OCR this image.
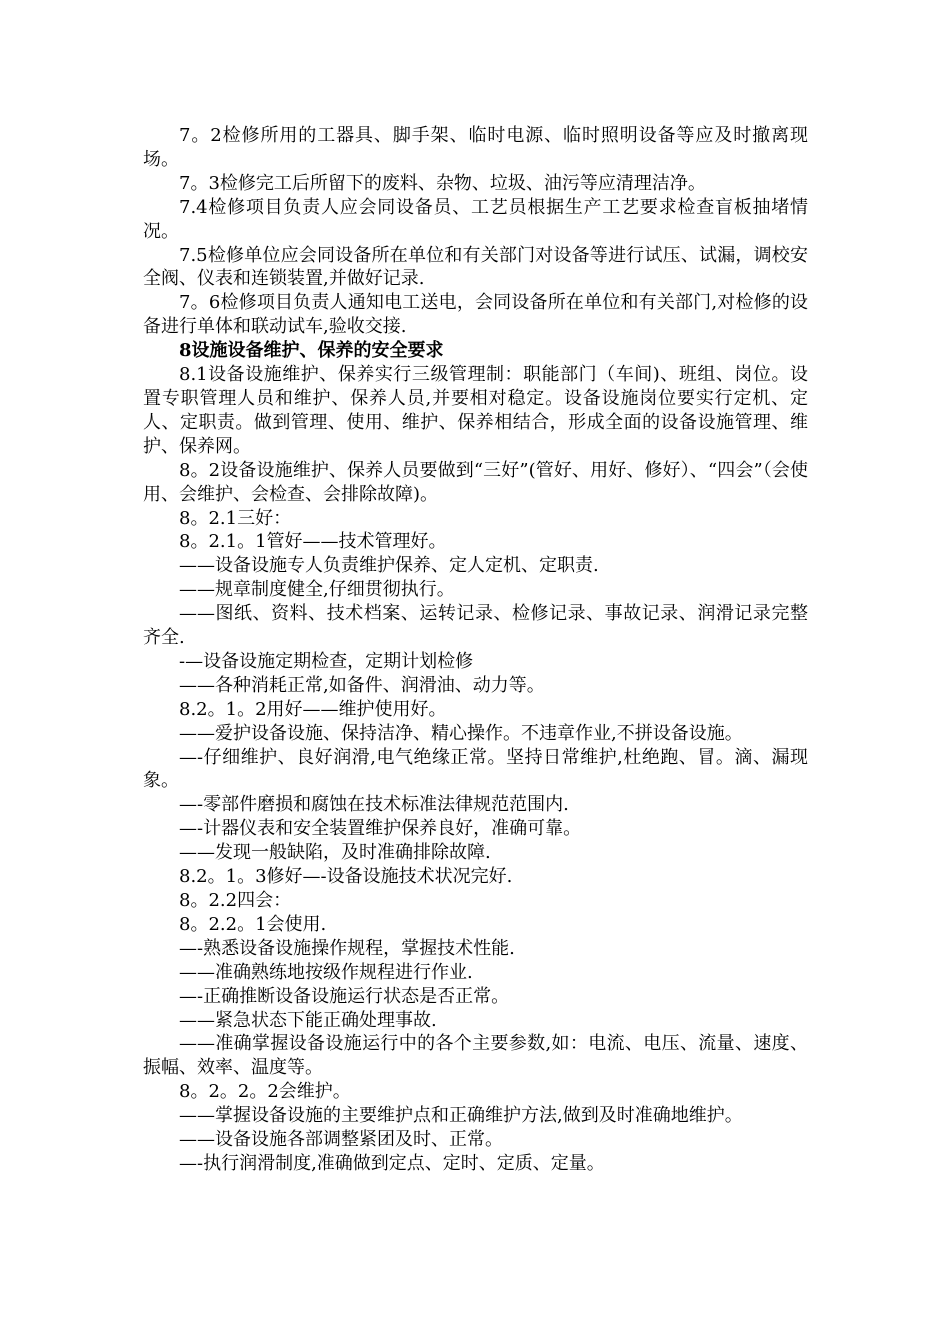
7。2检修所用的工器具、脚手架、临时电源、临时照明设备等应及时撤离现场。

7。3检修完工后所留下的废料、杂物、垃圾、油污等应清理洁净。

7.4检修项目负责人应会同设备员、工艺员根据生产工艺要求检查盲板抽堵情况。

7.5检修单位应会同设备所在单位和有关部门对设备等进行试压、试漏，调校安全阀、仪表和连锁装置,并做好记录.

7。6检修项目负责人通知电工送电，会同设备所在单位和有关部门,对检修的设备进行单体和联动试车,验收交接.

8设施设备维护、保养的安全要求

8.1设备设施维护、保养实行三级管理制：职能部门（车间)、班组、岗位。设置专职管理人员和维护、保养人员,并要相对稳定。设备设施岗位要实行定机、定人、定职责。做到管理、使用、维护、保养相结合，形成全面的设备设施管理、维护、保养网。

8。2设备设施维护、保养人员要做到“三好”(管好、用好、修好）、“四会”（会使用、会维护、会检查、会排除故障)。

8。2.1三好：

8。2.1。1管好——技术管理好。

——设备设施专人负责维护保养、定人定机、定职责.

——规章制度健全,仔细贯彻执行。

——图纸、资料、技术档案、运转记录、检修记录、事故记录、润滑记录完整齐全.

-—设备设施定期检查，定期计划检修

——各种消耗正常,如备件、润滑油、动力等。

8.2。1。2用好——维护使用好。

——爱护设备设施、保持洁净、精心操作。不违章作业,不拼设备设施。

—-仔细维护、良好润滑,电气绝缘正常。坚持日常维护,杜绝跑、冒。滴、漏现象。

—-零部件磨损和腐蚀在技术标准法律规范范围内.

—-计器仪表和安全装置维护保养良好，准确可靠。

——发现一般缺陷，及时准确排除故障.

8.2。1。3修好—-设备设施技术状况完好.

8。2.2四会：

8。2.2。1会使用.

—-熟悉设备设施操作规程，掌握技术性能.

——准确熟练地按级作规程进行作业.

—-正确推断设备设施运行状态是否正常。

——紧急状态下能正确处理事故.

——准确掌握设备设施运行中的各个主要参数,如：电流、电压、流量、速度、振幅、效率、温度等。

8。2。2。2会维护。

——掌握设备设施的主要维护点和正确维护方法,做到及时准确地维护。

——设备设施各部调整紧团及时、正常。

—-执行润滑制度,准确做到定点、定时、定质、定量。
